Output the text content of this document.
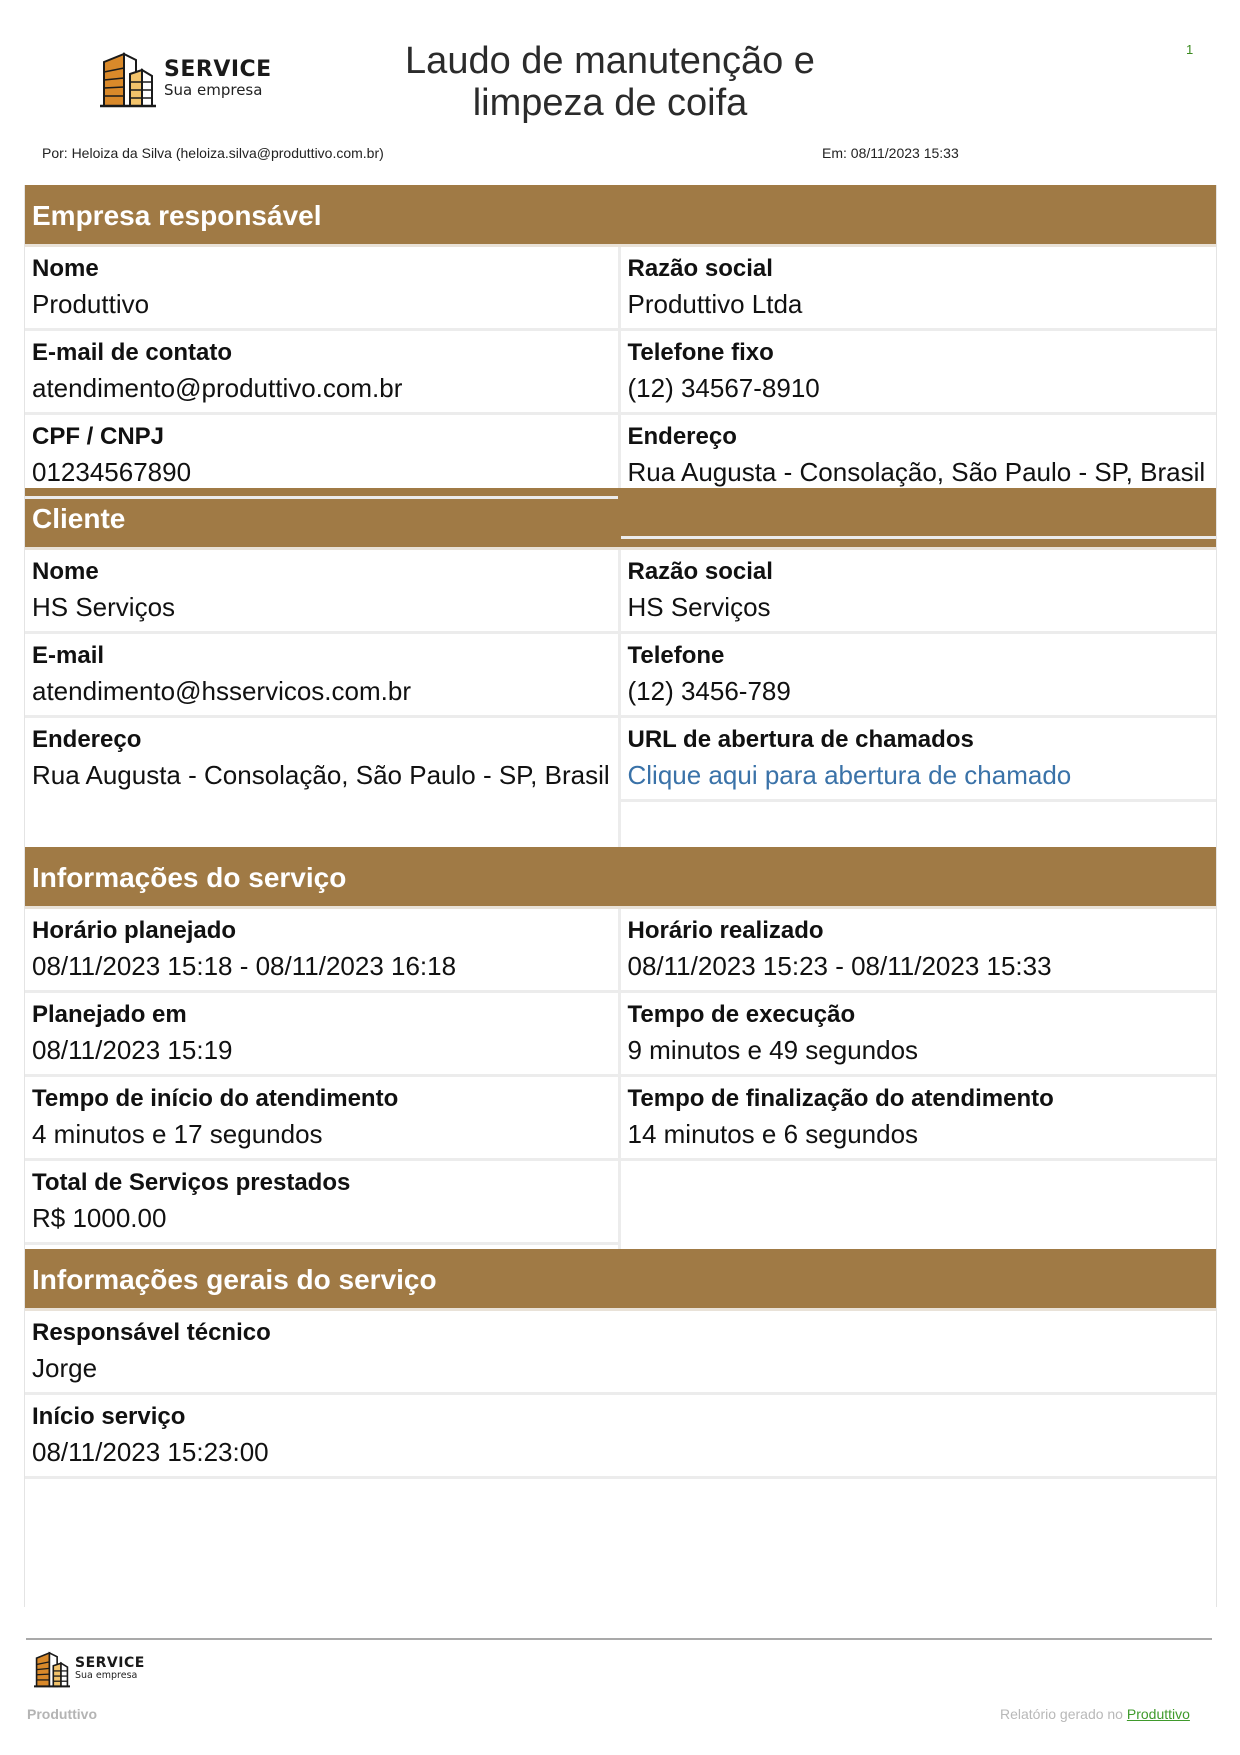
SERVICE
Sua empresa
Laudo de manutenção e
limpeza de coifa
1
Por: Heloiza da Silva (heloiza.silva@produttivo.com.br)	Em: 08/11/2023 15:33
Empresa responsável
Nome
Produttivo
E-mail de contato
atendimento@produttivo.com.br
CPF / CNPJ
01234567890
Razão social
Produttivo Ltda
Telefone fixo
(12) 34567-8910
Endereço
Rua Augusta - Consolação, São Paulo - SP, Brasil
Cliente
Nome
HS Serviços
E-mail
atendimento@hsservicos.com.br
Endereço
Rua Augusta - Consolação, São Paulo - SP, Brasil
Razão social
HS Serviços
Telefone
(12) 3456-789
URL de abertura de chamados
Clique aqui para abertura de chamado
Informações do serviço
Horário planejado
08/11/2023 15:18 - 08/11/2023 16:18
Planejado em
08/11/2023 15:19
Tempo de início do atendimento
4 minutos e 17 segundos
Total de Serviços prestados
R$ 1000.00
Horário realizado
08/11/2023 15:23 - 08/11/2023 15:33
Tempo de execução
9 minutos e 49 segundos
Tempo de finalização do atendimento
14 minutos e 6 segundos
Informações gerais do serviço
Responsável técnico
Jorge
Início serviço
08/11/2023 15:23:00
SERVICE
Sua empresa
Produttivo	Relatório gerado no Produttivo
